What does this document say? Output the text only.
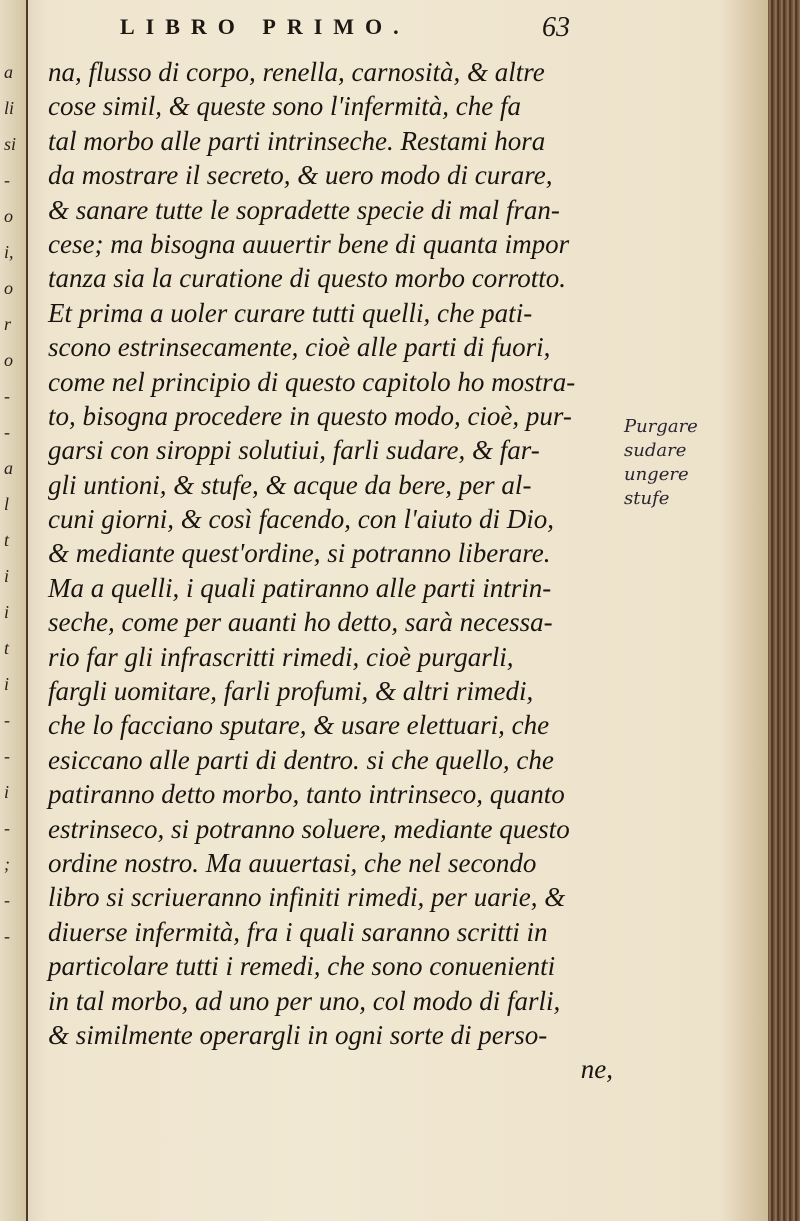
a
li
si
-
o
i,
o
r
o
-
-
a
l
t
i
i
t
i
-
-
i
-
;
-
-
LIBRO PRIMO.	63
na, flusso di corpo, renella, carnosità, & altre
cose simil, & queste sono l'infermità, che fa
tal morbo alle parti intrinseche. Restami hora
da mostrare il secreto, & uero modo di curare,
& sanare tutte le sopradette specie di mal fran-
cese; ma bisogna auuertir bene di quanta impor
tanza sia la curatione di questo morbo corrotto.
Et prima a uoler curare tutti quelli, che pati-
scono estrinsecamente, cioè alle parti di fuori,
come nel principio di questo capitolo ho mostra-
to, bisogna procedere in questo modo, cioè, pur-
garsi con siroppi solutiui, farli sudare, & far-
gli untioni, & stufe, & acque da bere, per al-
cuni giorni, & così facendo, con l'aiuto di Dio,
& mediante quest'ordine, si potranno liberare.
Ma a quelli, i quali patiranno alle parti intrin-
seche, come per auanti ho detto, sarà necessa-
rio far gli infrascritti rimedi, cioè purgarli,
fargli uomitare, farli profumi, & altri rimedi,
che lo facciano sputare, & usare elettuari, che
esiccano alle parti di dentro. si che quello, che
patiranno detto morbo, tanto intrinseco, quanto
estrinseco, si potranno soluere, mediante questo
ordine nostro. Ma auuertasi, che nel secondo
libro si scriueranno infiniti rimedi, per uarie, &
diuerse infermità, fra i quali saranno scritti in
particolare tutti i remedi, che sono conuenienti
in tal morbo, ad uno per uno, col modo di farli,
& similmente operargli in ogni sorte di perso-
ne,
Purgare
sudare
ungere
stufe
